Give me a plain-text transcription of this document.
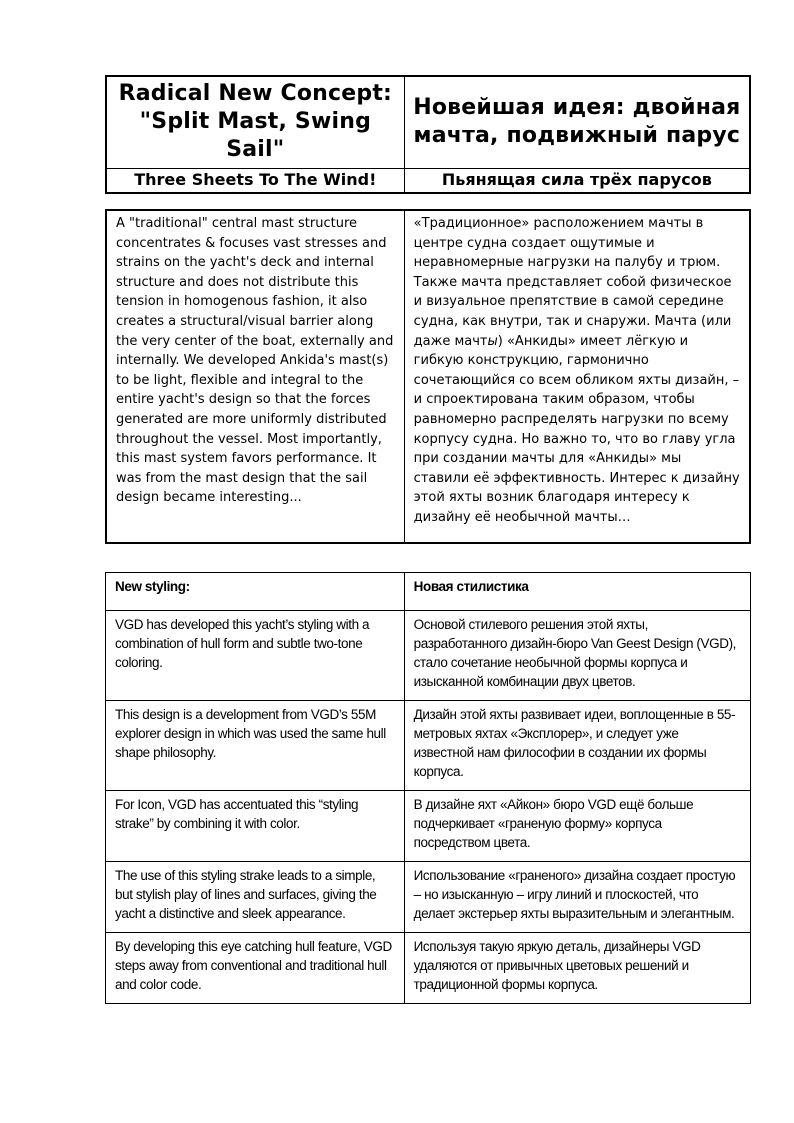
Radical New Concept: "Split Mast, Swing Sail"	Новейшая идея: двойная мачта, подвижный парус
Three Sheets To The Wind!	Пьянящая сила трёх парусов
A "traditional" central mast structure concentrates & focuses vast stresses and strains on the yacht's deck and internal structure and does not distribute this tension in homogenous fashion, it also creates a structural/visual barrier along the very center of the boat, externally and internally. We developed Ankida's mast(s) to be light, flexible and integral to the entire yacht's design so that the forces generated are more uniformly distributed throughout the vessel. Most importantly, this mast system favors performance. It was from the mast design that the sail design became interesting...	«Традиционное» расположением мачты в центре судна создает ощутимые и неравномерные нагрузки на палубу и трюм. Также мачта представляет собой физическое и визуальное препятствие в самой середине судна, как внутри, так и снаружи. Мачта (или даже мачты) «Анкиды» имеет лёгкую и гибкую конструкцию, гармонично сочетающийся со всем обликом яхты дизайн, – и спроектирована таким образом, чтобы равномерно распределять нагрузки по всему корпусу судна. Но важно то, что во главу угла при создании мачты для «Анкиды» мы ставили её эффективность. Интерес к дизайну этой яхты возник благодаря интересу к дизайну её необычной мачты…
New styling:	Новая стилистика
VGD has developed this yacht’s styling with a combination of hull form and subtle two-tone coloring.	Основой стилевого решения этой яхты, разработанного дизайн-бюро Van Geest Design (VGD), стало сочетание необычной формы корпуса и изысканной комбинации двух цветов.
This design is a development from VGD’s 55M explorer design in which was used the same hull shape philosophy.	Дизайн этой яхты развивает идеи, воплощенные в 55-метровых яхтах «Эксплорер», и следует уже известной нам философии в создании их формы корпуса.
For Icon, VGD has accentuated this “styling strake” by combining it with color.	В дизайне яхт «Айкон» бюро VGD ещё больше подчеркивает «граненую форму» корпуса посредством цвета.
The use of this styling strake leads to a simple, but stylish play of lines and surfaces, giving the yacht a distinctive and sleek appearance.	Использование «граненого» дизайна создает простую – но изысканную – игру линий и плоскостей, что делает экстерьер яхты выразительным и элегантным.
By developing this eye catching hull feature, VGD steps away from conventional and traditional hull and color code.	Используя такую яркую деталь, дизайнеры VGD удаляются от привычных цветовых решений и традиционной формы корпуса.
